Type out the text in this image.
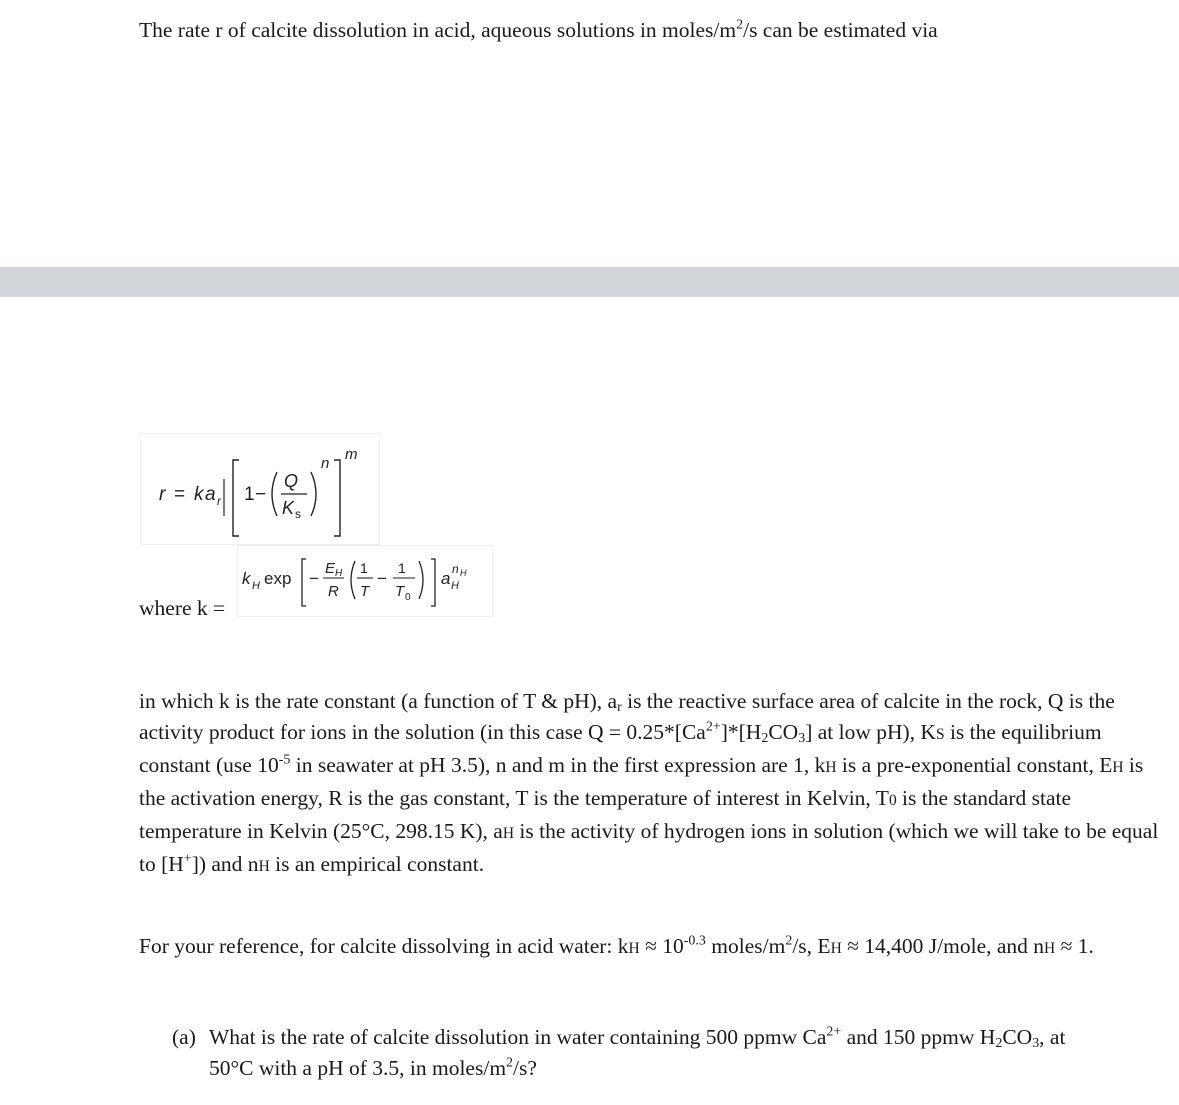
The rate r of calcite dissolution in acid, aqueous solutions in moles/$m^2/s$ can be estimated via
r = k a r 1 −
Q
K s
n
m
where k =
k H exp −
E H
R
1
T
−
1
T 0
a H
n H
in which k is the rate constant (a function of T & pH), $a_r$ is the reactive surface area of calcite in the rock, Q is the activity product for ions in the solution (in this case $Q = 0.25*[Ca^{2+}]*[H_2CO_3]$ at low pH), KS is the equilibrium constant (use $10^{-5}$ in seawater at pH 3.5), n and m in the first expression are 1, kH is a pre-exponential constant, EH is the activation energy, R is the gas constant, T is the temperature of interest in Kelvin, T0 is the standard state temperature in Kelvin (25°C, 298.15 K), aH is the activity of hydrogen ions in solution (which we will take to be equal to [H+]) and nH is an empirical constant.
For your reference, for calcite dissolving in acid water: kH ≈ $10^{-0.3}$ moles/$m^2/s$, EH ≈ 14,400 J/mole, and nH ≈ 1.
(a) What is the rate of calcite dissolution in water containing 500 ppmw $Ca^{2+}$ and 150 ppmw $H_2CO_3$, at 50°C with a pH of 3.5, in moles/$m^2/s$?
